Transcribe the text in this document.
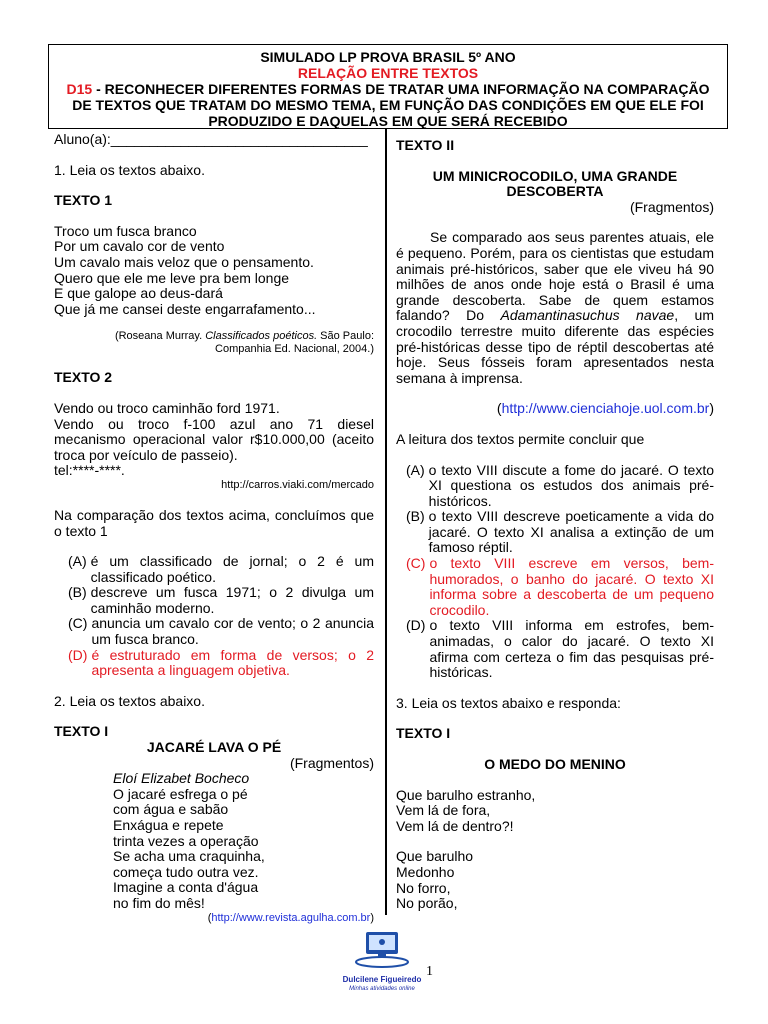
SIMULADO LP PROVA BRASIL 5º ANO
RELAÇÃO ENTRE TEXTOS
D15 - RECONHECER DIFERENTES FORMAS DE TRATAR UMA INFORMAÇÃO NA COMPARAÇÃO
DE TEXTOS QUE TRATAM DO MESMO TEMA, EM FUNÇÃO DAS CONDIÇÕES EM QUE ELE FOI
PRODUZIDO E DAQUELAS EM QUE SERÁ RECEBIDO

Aluno(a):_________________________________

1. Leia os textos abaixo.

TEXTO 1

Troco um fusca branco
Por um cavalo cor de vento
Um cavalo mais veloz que o pensamento.
Quero que ele me leve pra bem longe
E que galope ao deus-dará
Que já me cansei deste engarrafamento...
(Roseana Murray. Classificados poéticos. São Paulo:
Companhia Ed. Nacional, 2004.)

TEXTO 2

Vendo ou troco caminhão ford 1971.

Vendo ou troco f-100 azul ano 71 diesel mecanismo operacional valor r$10.000,00 (aceito troca por veículo de passeio).

tel:****-****.

http://carros.viaki.com/mercado

Na comparação dos textos acima, concluímos que o texto 1

(A) é um classificado de jornal; o 2 é um classificado poético.
(B) descreve um fusca 1971; o 2 divulga um caminhão moderno.
(C) anuncia um cavalo cor de vento; o 2 anuncia um fusca branco.
(D) é estruturado em forma de versos; o 2 apresenta a linguagem objetiva.

2. Leia os textos abaixo.

TEXTO I

JACARÉ LAVA O PÉ

(Fragmentos)

Eloí Elizabet Bocheco
O jacaré esfrega o pé
com água e sabão
Enxágua e repete
trinta vezes a operação
Se acha uma craquinha,
começa tudo outra vez.
Imagine a conta d'água
no fim do mês!

(http://www.revista.agulha.com.br)

TEXTO II

UM MINICROCODILO, UMA GRANDE

DESCOBERTA

(Fragmentos)

Se comparado aos seus parentes atuais, ele é pequeno. Porém, para os cientistas que estudam animais pré-históricos, saber que ele viveu há 90 milhões de anos onde hoje está o Brasil é uma grande descoberta. Sabe de quem estamos falando? Do Adamantinasuchus navae, um crocodilo terrestre muito diferente das espécies pré-históricas desse tipo de réptil descobertas até hoje. Seus fósseis foram apresentados nesta semana à imprensa.

(http://www.cienciahoje.uol.com.br)

A leitura dos textos permite concluir que

(A) o texto VIII discute a fome do jacaré. O texto XI questiona os estudos dos animais pré-históricos.
(B) o texto VIII descreve poeticamente a vida do jacaré. O texto XI analisa a extinção de um famoso réptil.
(C) o texto VIII escreve em versos, bem-humorados, o banho do jacaré. O texto XI informa sobre a descoberta de um pequeno crocodilo.
(D) o texto VIII informa em estrofes, bem-animadas, o calor do jacaré. O texto XI afirma com certeza o fim das pesquisas pré-históricas.

3. Leia os textos abaixo e responda:

TEXTO I

O MEDO DO MENINO

Que barulho estranho,
Vem lá de fora,
Vem lá de dentro?!
Que barulho
Medonho
No forro,
No porão,
Dulcilene Figueiredo
Minhas atividades online
1
